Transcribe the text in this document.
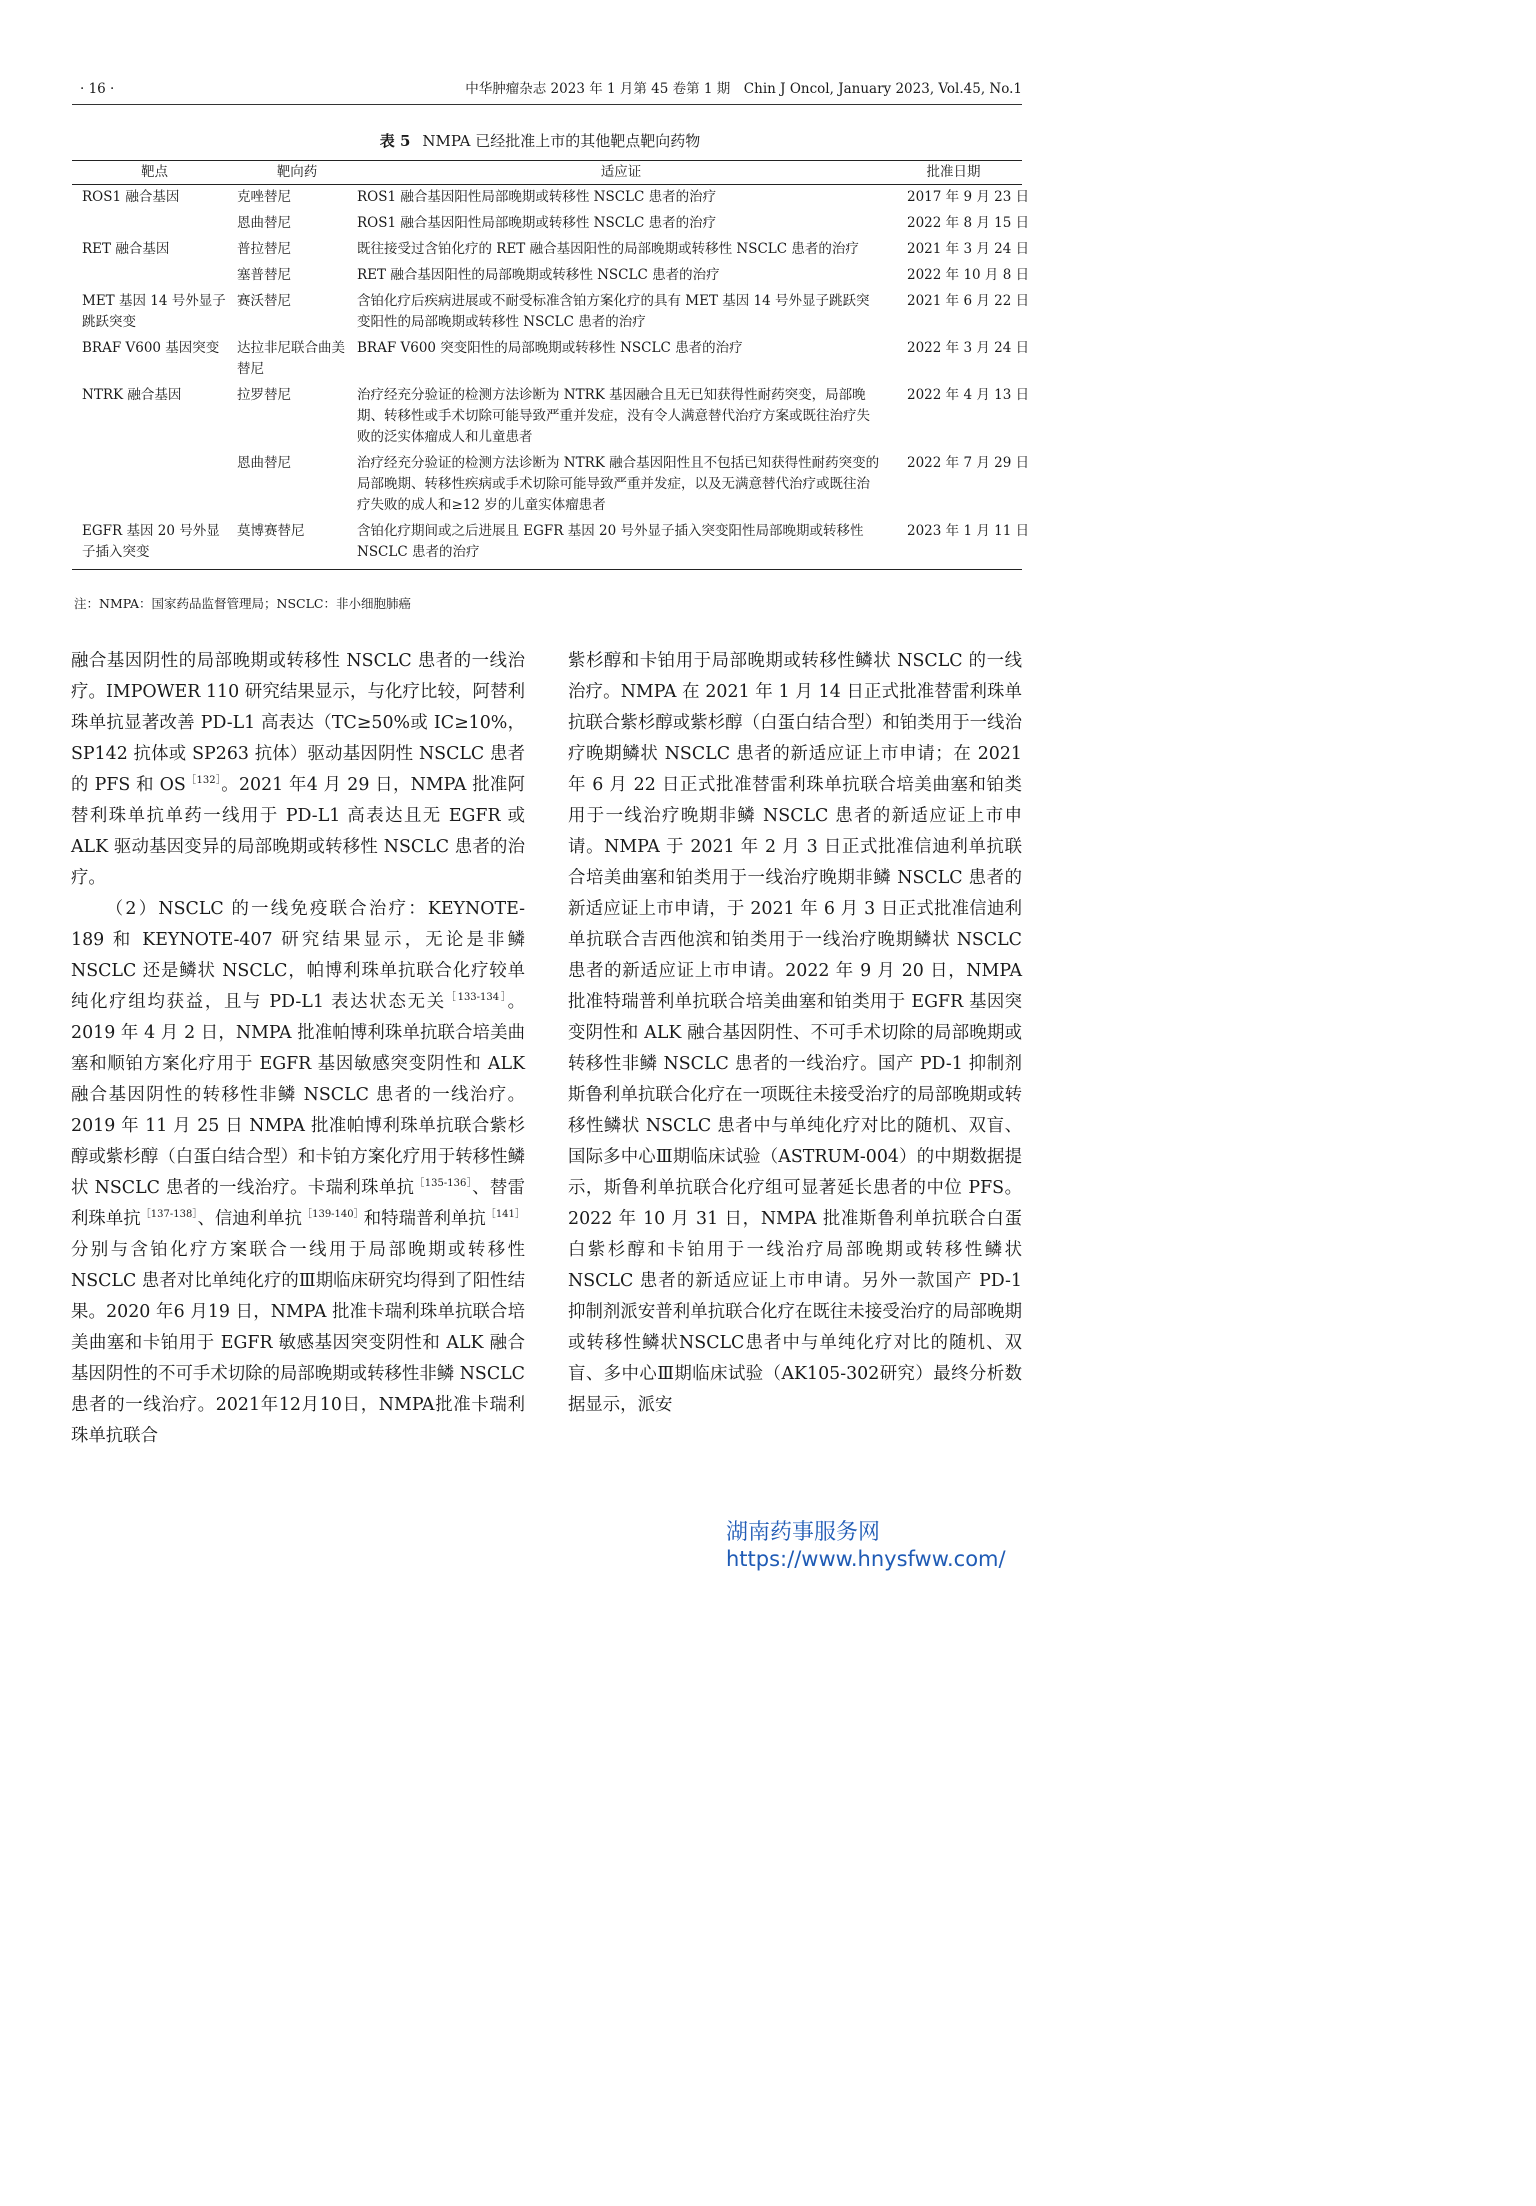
· 16 ·	中华肿瘤杂志 2023 年 1 月第 45 卷第 1 期　Chin J Oncol, January 2023, Vol.45, No.1
表 5 NMPA 已经批准上市的其他靶点靶向药物
靶点	靶向药	适应证	批准日期
ROS1 融合基因	克唑替尼	ROS1 融合基因阳性局部晚期或转移性 NSCLC 患者的治疗	2017 年 9 月 23 日
	恩曲替尼	ROS1 融合基因阳性局部晚期或转移性 NSCLC 患者的治疗	2022 年 8 月 15 日
RET 融合基因	普拉替尼	既往接受过含铂化疗的 RET 融合基因阳性的局部晚期或转移性 NSCLC 患者的治疗	2021 年 3 月 24 日
	塞普替尼	RET 融合基因阳性的局部晚期或转移性 NSCLC 患者的治疗	2022 年 10 月 8 日
MET 基因 14 号外显子跳跃突变	赛沃替尼	含铂化疗后疾病进展或不耐受标准含铂方案化疗的具有 MET 基因 14 号外显子跳跃突变阳性的局部晚期或转移性 NSCLC 患者的治疗	2021 年 6 月 22 日
BRAF V600 基因突变	达拉非尼联合曲美替尼	BRAF V600 突变阳性的局部晚期或转移性 NSCLC 患者的治疗	2022 年 3 月 24 日
NTRK 融合基因	拉罗替尼	治疗经充分验证的检测方法诊断为 NTRK 基因融合且无已知获得性耐药突变，局部晚期、转移性或手术切除可能导致严重并发症，没有令人满意替代治疗方案或既往治疗失败的泛实体瘤成人和儿童患者	2022 年 4 月 13 日
	恩曲替尼	治疗经充分验证的检测方法诊断为 NTRK 融合基因阳性且不包括已知获得性耐药突变的局部晚期、转移性疾病或手术切除可能导致严重并发症，以及无满意替代治疗或既往治疗失败的成人和≥12 岁的儿童实体瘤患者	2022 年 7 月 29 日
EGFR 基因 20 号外显子插入突变	莫博赛替尼	含铂化疗期间或之后进展且 EGFR 基因 20 号外显子插入突变阳性局部晚期或转移性 NSCLC 患者的治疗	2023 年 1 月 11 日
注：NMPA：国家药品监督管理局；NSCLC：非小细胞肺癌

融合基因阴性的局部晚期或转移性 NSCLC 患者的一线治疗。IMPOWER 110 研究结果显示，与化疗比较，阿替利珠单抗显著改善 PD-L1 高表达（TC≥50%或 IC≥10%，SP142 抗体或 SP263 抗体）驱动基因阴性 NSCLC 患者的 PFS 和 $OS^{[132]}$。2021 年4 月 29 日，NMPA 批准阿替利珠单抗单药一线用于 PD-L1 高表达且无 EGFR 或 ALK 驱动基因变异的局部晚期或转移性 NSCLC 患者的治疗。

（2）NSCLC 的一线免疫联合治疗：KEYNOTE-189 和 KEYNOTE-407 研究结果显示，无论是非鳞 NSCLC 还是鳞状 NSCLC，帕博利珠单抗联合化疗较单纯化疗组均获益，且与 PD-L1 表达状态无关$^{[133-134]}$。2019 年 4 月 2 日，NMPA 批准帕博利珠单抗联合培美曲塞和顺铂方案化疗用于 EGFR 基因敏感突变阴性和 ALK 融合基因阴性的转移性非鳞 NSCLC 患者的一线治疗。2019 年 11 月 25 日 NMPA 批准帕博利珠单抗联合紫杉醇或紫杉醇（白蛋白结合型）和卡铂方案化疗用于转移性鳞状 NSCLC 患者的一线治疗。卡瑞利珠单抗$^{[135-136]}$、替雷利珠单抗$^{[137-138]}$、信迪利单抗$^{[139-140]}$和特瑞普利单抗$^{[141]}$分别与含铂化疗方案联合一线用于局部晚期或转移性 NSCLC 患者对比单纯化疗的Ⅲ期临床研究均得到了阳性结果。2020 年6 月19 日，NMPA 批准卡瑞利珠单抗联合培美曲塞和卡铂用于 EGFR 敏感基因突变阴性和 ALK 融合基因阴性的不可手术切除的局部晚期或转移性非鳞 NSCLC 患者的一线治疗。2021年12月10日，NMPA批准卡瑞利珠单抗联合

紫杉醇和卡铂用于局部晚期或转移性鳞状 NSCLC 的一线治疗。NMPA 在 2021 年 1 月 14 日正式批准替雷利珠单抗联合紫杉醇或紫杉醇（白蛋白结合型）和铂类用于一线治疗晚期鳞状 NSCLC 患者的新适应证上市申请；在 2021 年 6 月 22 日正式批准替雷利珠单抗联合培美曲塞和铂类用于一线治疗晚期非鳞 NSCLC 患者的新适应证上市申请。NMPA 于 2021 年 2 月 3 日正式批准信迪利单抗联合培美曲塞和铂类用于一线治疗晚期非鳞 NSCLC 患者的新适应证上市申请，于 2021 年 6 月 3 日正式批准信迪利单抗联合吉西他滨和铂类用于一线治疗晚期鳞状 NSCLC 患者的新适应证上市申请。2022 年 9 月 20 日，NMPA 批准特瑞普利单抗联合培美曲塞和铂类用于 EGFR 基因突变阴性和 ALK 融合基因阴性、不可手术切除的局部晚期或转移性非鳞 NSCLC 患者的一线治疗。国产 PD-1 抑制剂斯鲁利单抗联合化疗在一项既往未接受治疗的局部晚期或转移性鳞状 NSCLC 患者中与单纯化疗对比的随机、双盲、国际多中心Ⅲ期临床试验（ASTRUM-004）的中期数据提示，斯鲁利单抗联合化疗组可显著延长患者的中位 PFS。2022 年 10 月 31 日，NMPA 批准斯鲁利单抗联合白蛋白紫杉醇和卡铂用于一线治疗局部晚期或转移性鳞状 NSCLC 患者的新适应证上市申请。另外一款国产 PD-1 抑制剂派安普利单抗联合化疗在既往未接受治疗的局部晚期或转移性鳞状NSCLC患者中与单纯化疗对比的随机、双盲、多中心Ⅲ期临床试验（AK105-302研究）最终分析数据显示，派安

湖南药事服务网
https://www.hnysfww.com/
